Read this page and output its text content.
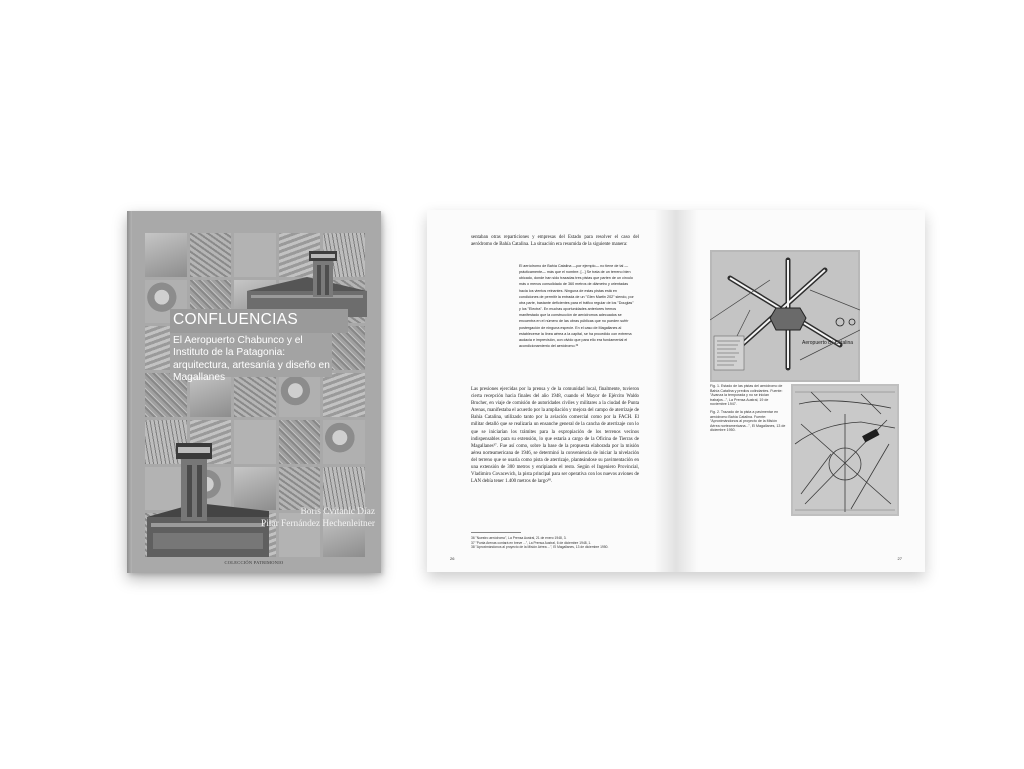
CONFLUENCIAS
El Aeropuerto Chabunco y el Instituto de la Patagonia: arquitectura, artesanía y diseño en Magallanes
Boris Cvitanic Díaz
Pilar Fernández Hechenleitner
COLECCIÓN PATRIMONIO

sentaban otras reparticiones y empresas del Estado para resolver el caso del aeródromo de Bahía Catalina. La situación era resumida de la siguiente manera:

El aeródromo de Bahía Catalina —por ejemplo— no tiene de tal —prácticamente— más que el nombre. [...] Se trata de un terreno bien ubicado, donde han sido trazadas tres pistas que parten de un círculo más o menos consolidado de 360 metros de diámetro y orientadas hacia los vientos reinantes. Ninguna de estas pistas está en condiciones de permitir la entrada de un "Glen Martin 202" siendo, por otra parte, bastante deficientes para el tráfico regular de los "Douglas" y los "Electra". En muchas oportunidades anteriores hemos manifestado que la construcción de aeródromos adecuados se encuentra en el número de las obras públicas que no pueden sufrir postergación de ninguna especie. En el caso de Magallanes al establecerse la línea aérea a la capital, se ha procedido con extrema audacia e imprevisión, con olvido que para ello era fundamental el acondicionamiento del aeródromo.³⁶

Las presiones ejercidas por la prensa y de la comunidad local, finalmente, tuvieron cierta recepción hacia finales del año 1948, cuando el Mayor de Ejército Waldo Brucher, en viaje de comisión de autoridades civiles y militares a la ciudad de Punta Arenas, manifestaba el acuerdo por la ampliación y mejora del campo de aterrizaje de Bahía Catalina, utilizado tanto por la aviación comercial como por la FACH. El militar detalló que se realizaría un ensanche general de la cancha de aterrizaje con lo que se iniciarían los trámites para la expropiación de los terrenos vecinos indispensables para su extensión, lo que estaría a cargo de la Oficina de Tierras de Magallanes³⁷. Fue así como, sobre la base de la propuesta elaborada por la misión aérea norteamericana de 1946, se determinó la conveniencia de iniciar la nivelación del terreno que se usaría como pista de aterrizaje, planteándose su pavimentación en una extensión de 300 metros y enripiando el resto. Según el Ingeniero Provincial, Vladimiro Covacevich, la pista principal para ser operativa con los nuevos aviones de LAN debía tener 1.400 metros de largo³⁸.

36 "Nuestro aeródromo", La Prensa Austral, 21 de enero 1948, 3.
37 "Punta Arenas contará en breve ...", La Prensa Austral, 6 de diciembre 1948, 1.
38 "Aproximándonos al proyecto de la Misión Aérea ...", El Magallanes, 13 de diciembre 1950.
26
Aeropuerto Bº Catalina

Fig. 1. Estado de las pistas del aeródromo de Bahía Catalina y predios colindantes. Fuente: "Avanza la temporada y no se inician trabajos...", La Prensa Austral, 19 de noviembre 1947.

Fig. 2. Trazado de la pista a pavimentar en aeródromo Bahía Catalina. Fuente: "Aproximándonos al proyecto de la Misión Aérea norteamericana...", El Magallanes, 13 de diciembre 1950.

27
